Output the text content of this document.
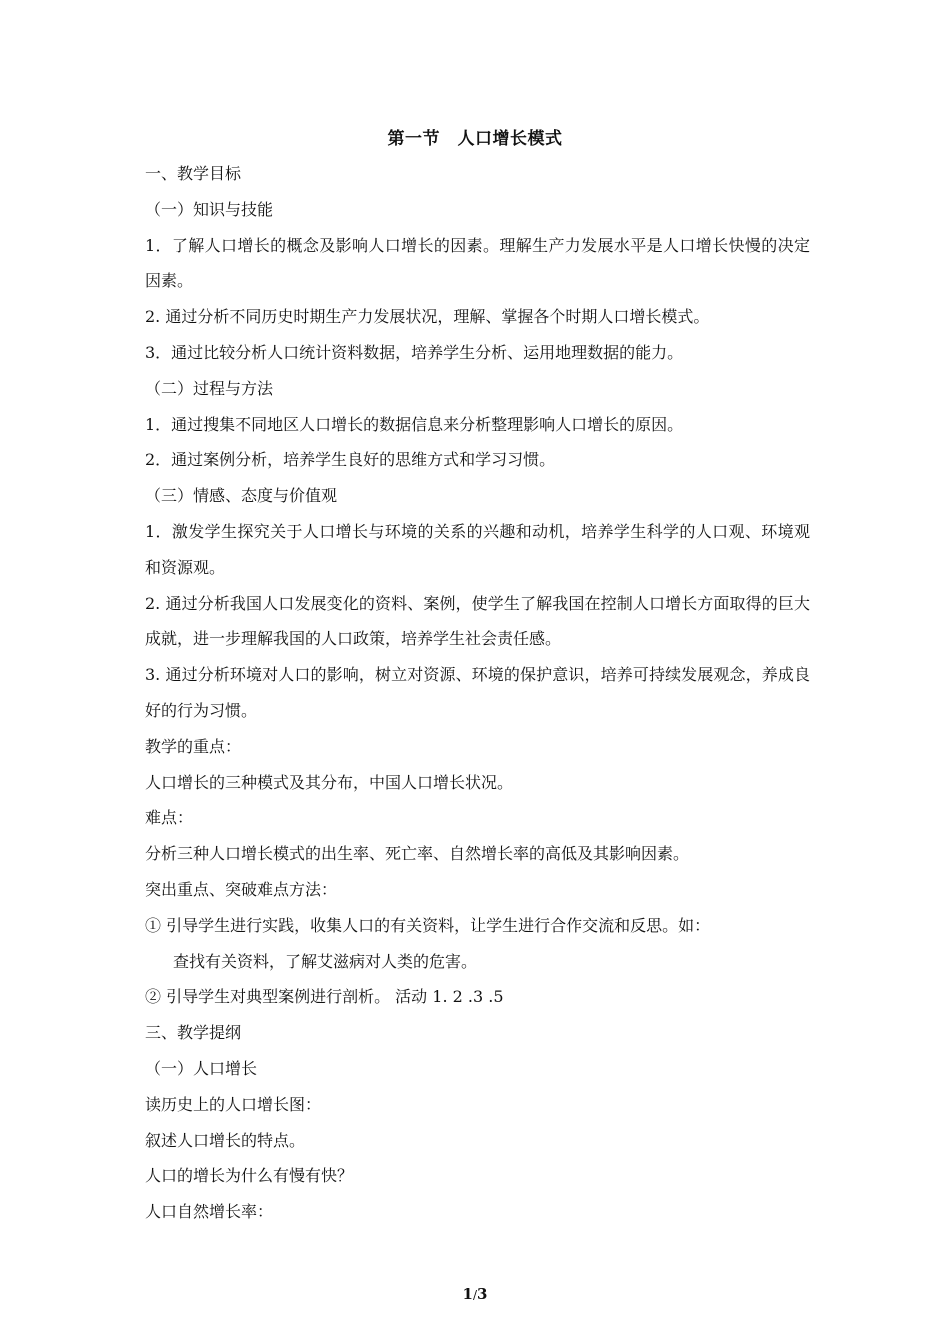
第一节　人口增长模式
一、教学目标
（一）知识与技能
1．了解人口增长的概念及影响人口增长的因素。理解生产力发展水平是人口增长快慢的决定因素。
2. 通过分析不同历史时期生产力发展状况，理解、掌握各个时期人口增长模式。
3．通过比较分析人口统计资料数据，培养学生分析、运用地理数据的能力。
（二）过程与方法
1．通过搜集不同地区人口增长的数据信息来分析整理影响人口增长的原因。
2．通过案例分析，培养学生良好的思维方式和学习习惯。
（三）情感、态度与价值观
1．激发学生探究关于人口增长与环境的关系的兴趣和动机，培养学生科学的人口观、环境观和资源观。
2. 通过分析我国人口发展变化的资料、案例，使学生了解我国在控制人口增长方面取得的巨大成就，进一步理解我国的人口政策，培养学生社会责任感。
3. 通过分析环境对人口的影响，树立对资源、环境的保护意识，培养可持续发展观念，养成良好的行为习惯。
教学的重点：
人口增长的三种模式及其分布，中国人口增长状况。
难点：
分析三种人口增长模式的出生率、死亡率、自然增长率的高低及其影响因素。
突出重点、突破难点方法：
① 引导学生进行实践，收集人口的有关资料，让学生进行合作交流和反思。如：
查找有关资料，了解艾滋病对人类的危害。
② 引导学生对典型案例进行剖析。 活动 1. 2 .3 .5
三、教学提纲
（一）人口增长
读历史上的人口增长图：
叙述人口增长的特点。
人口的增长为什么有慢有快？
人口自然增长率：
1/3
